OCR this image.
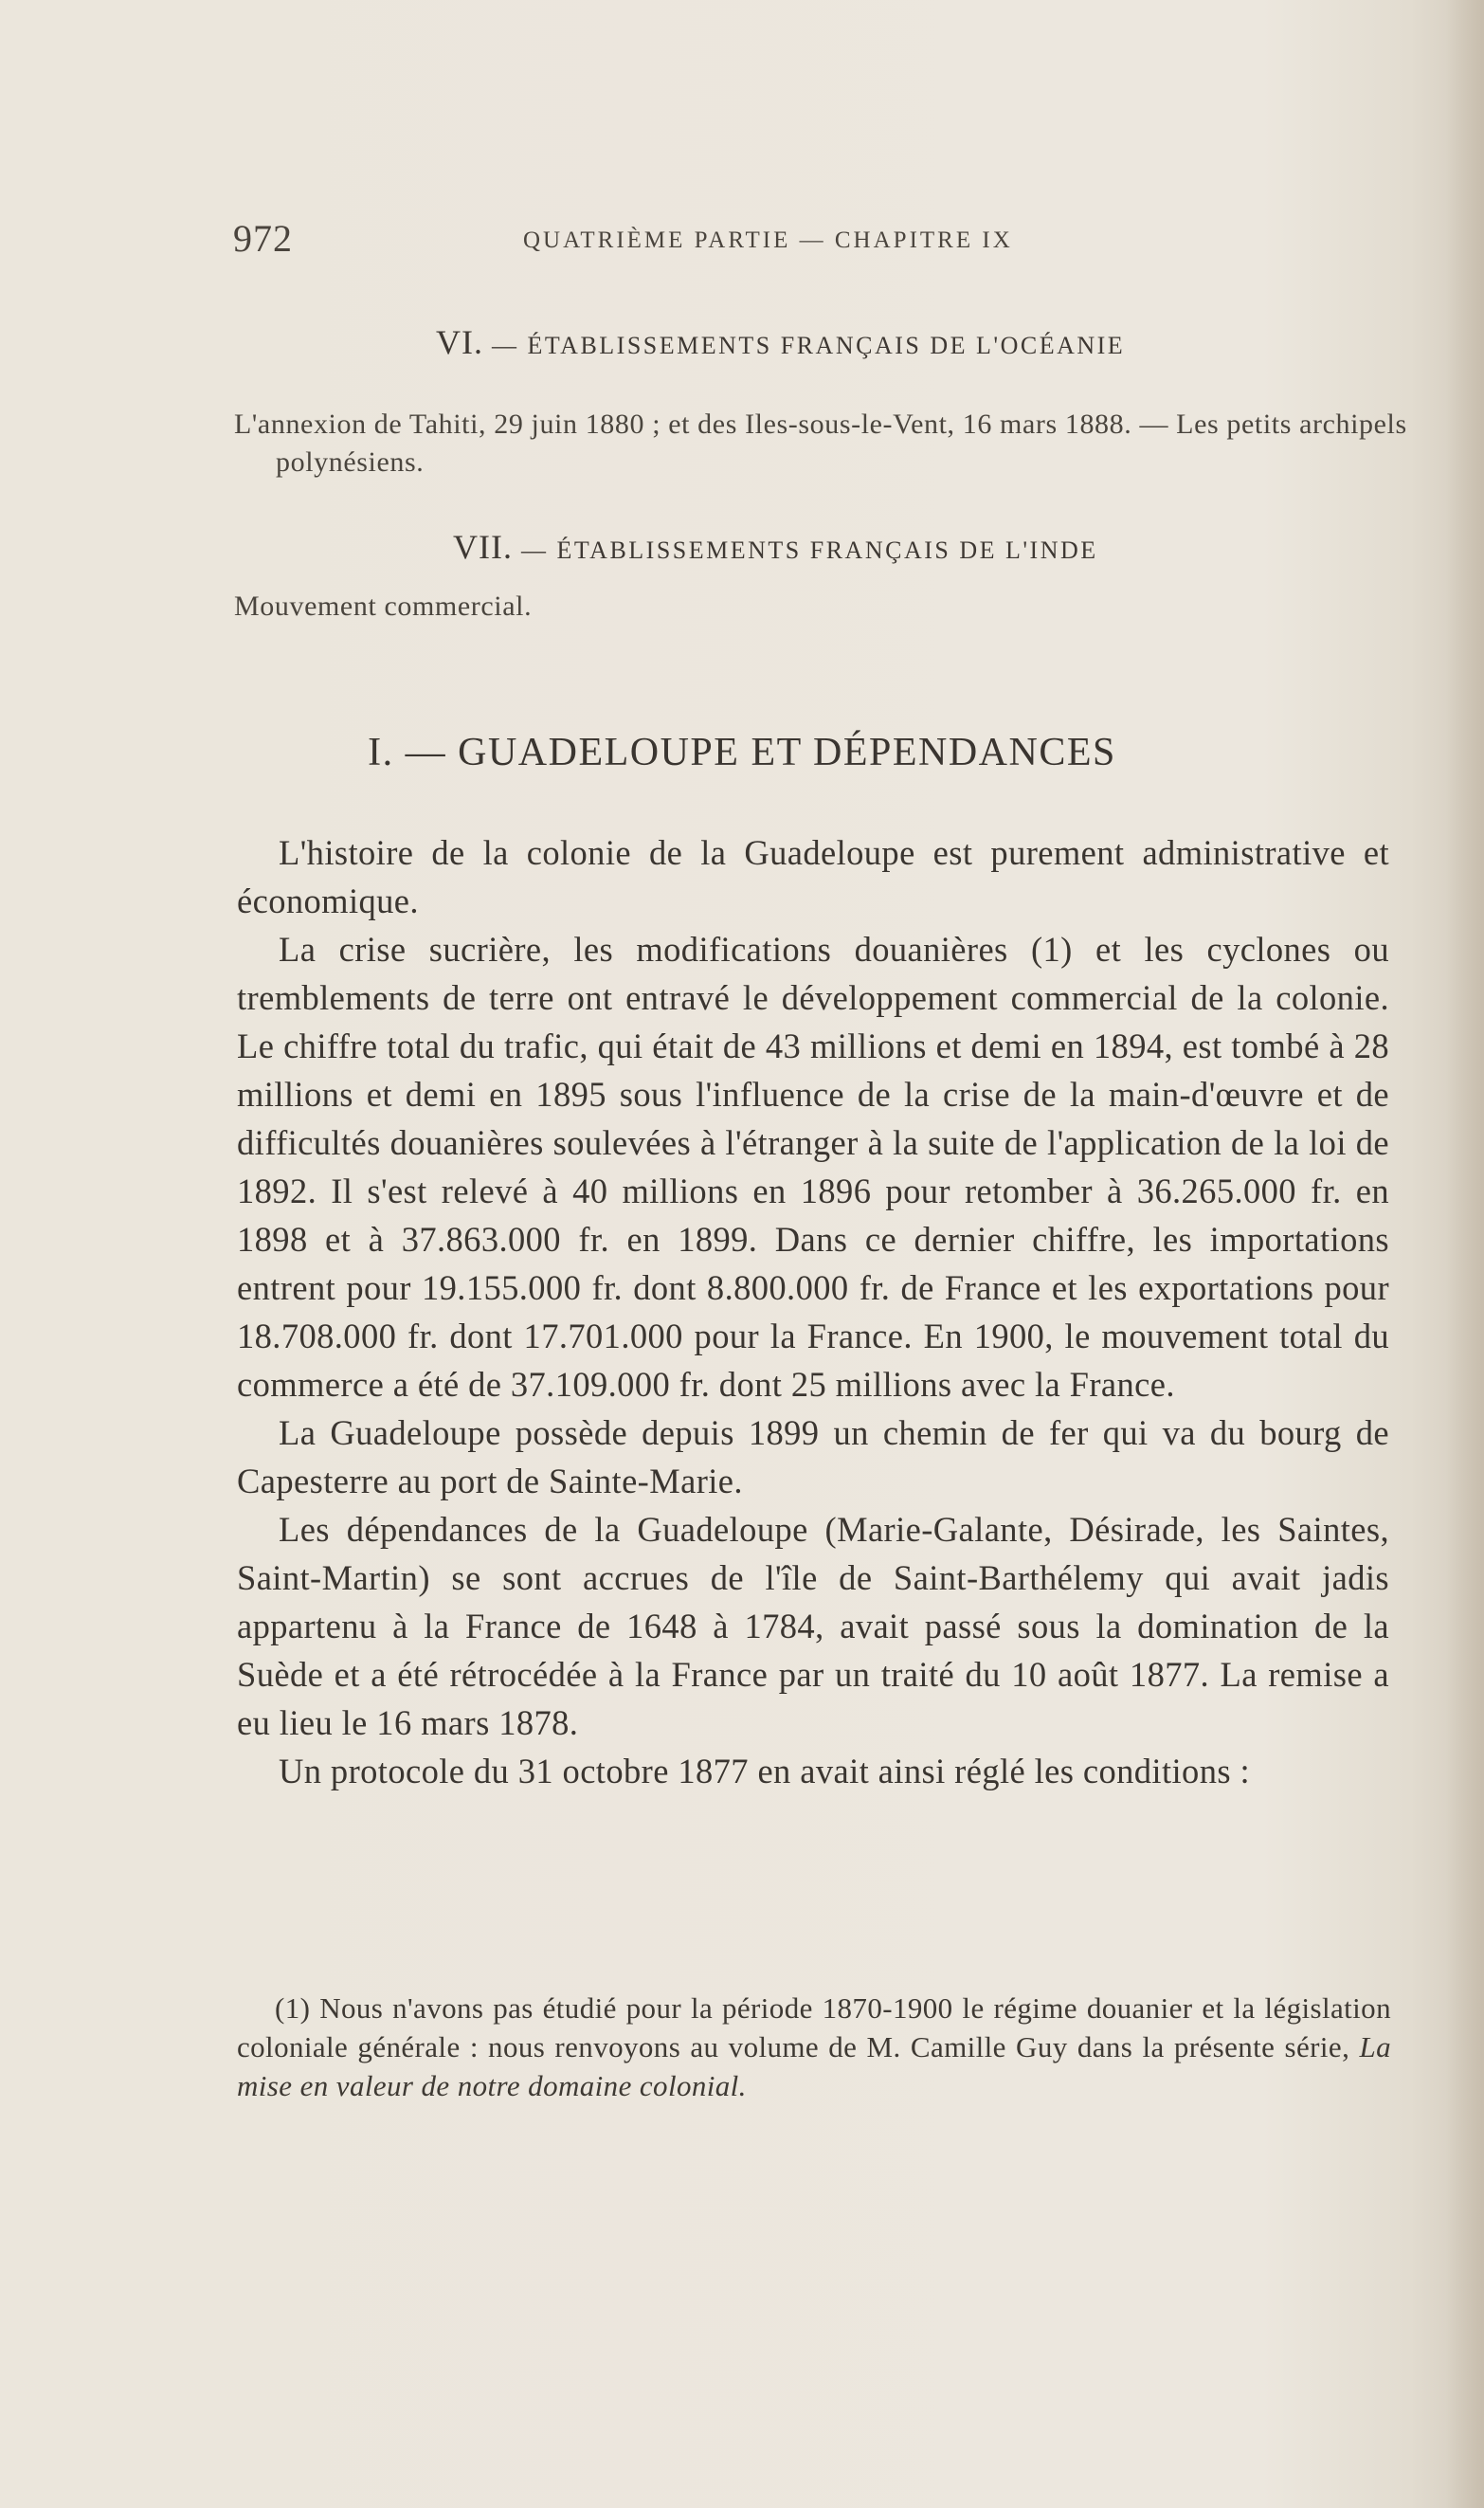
972	QUATRIÈME PARTIE — CHAPITRE IX
VI. — ÉTABLISSEMENTS FRANÇAIS DE L'OCÉANIE
L'annexion de Tahiti, 29 juin 1880 ; et des Iles-sous-le-Vent, 16 mars 1888. — Les petits archipels polynésiens.
VII. — ÉTABLISSEMENTS FRANÇAIS DE L'INDE
Mouvement commercial.
I. — GUADELOUPE ET DÉPENDANCES

L'histoire de la colonie de la Guadeloupe est purement administrative et économique.

La crise sucrière, les modifications douanières (1) et les cyclones ou tremblements de terre ont entravé le développement commercial de la colonie. Le chiffre total du trafic, qui était de 43 millions et demi en 1894, est tombé à 28 millions et demi en 1895 sous l'influence de la crise de la main-d'œuvre et de difficultés douanières soulevées à l'étranger à la suite de l'application de la loi de 1892. Il s'est relevé à 40 millions en 1896 pour retomber à 36.265.000 fr. en 1898 et à 37.863.000 fr. en 1899. Dans ce dernier chiffre, les importations entrent pour 19.155.000 fr. dont 8.800.000 fr. de France et les exportations pour 18.708.000 fr. dont 17.701.000 pour la France. En 1900, le mouvement total du commerce a été de 37.109.000 fr. dont 25 millions avec la France.

La Guadeloupe possède depuis 1899 un chemin de fer qui va du bourg de Capesterre au port de Sainte-Marie.

Les dépendances de la Guadeloupe (Marie-Galante, Désirade, les Saintes, Saint-Martin) se sont accrues de l'île de Saint-Barthélemy qui avait jadis appartenu à la France de 1648 à 1784, avait passé sous la domination de la Suède et a été rétrocédée à la France par un traité du 10 août 1877. La remise a eu lieu le 16 mars 1878.

Un protocole du 31 octobre 1877 en avait ainsi réglé les conditions :

(1) Nous n'avons pas étudié pour la période 1870-1900 le régime douanier et la législation coloniale générale : nous renvoyons au volume de M. Camille Guy dans la présente série, La mise en valeur de notre domaine colonial.
